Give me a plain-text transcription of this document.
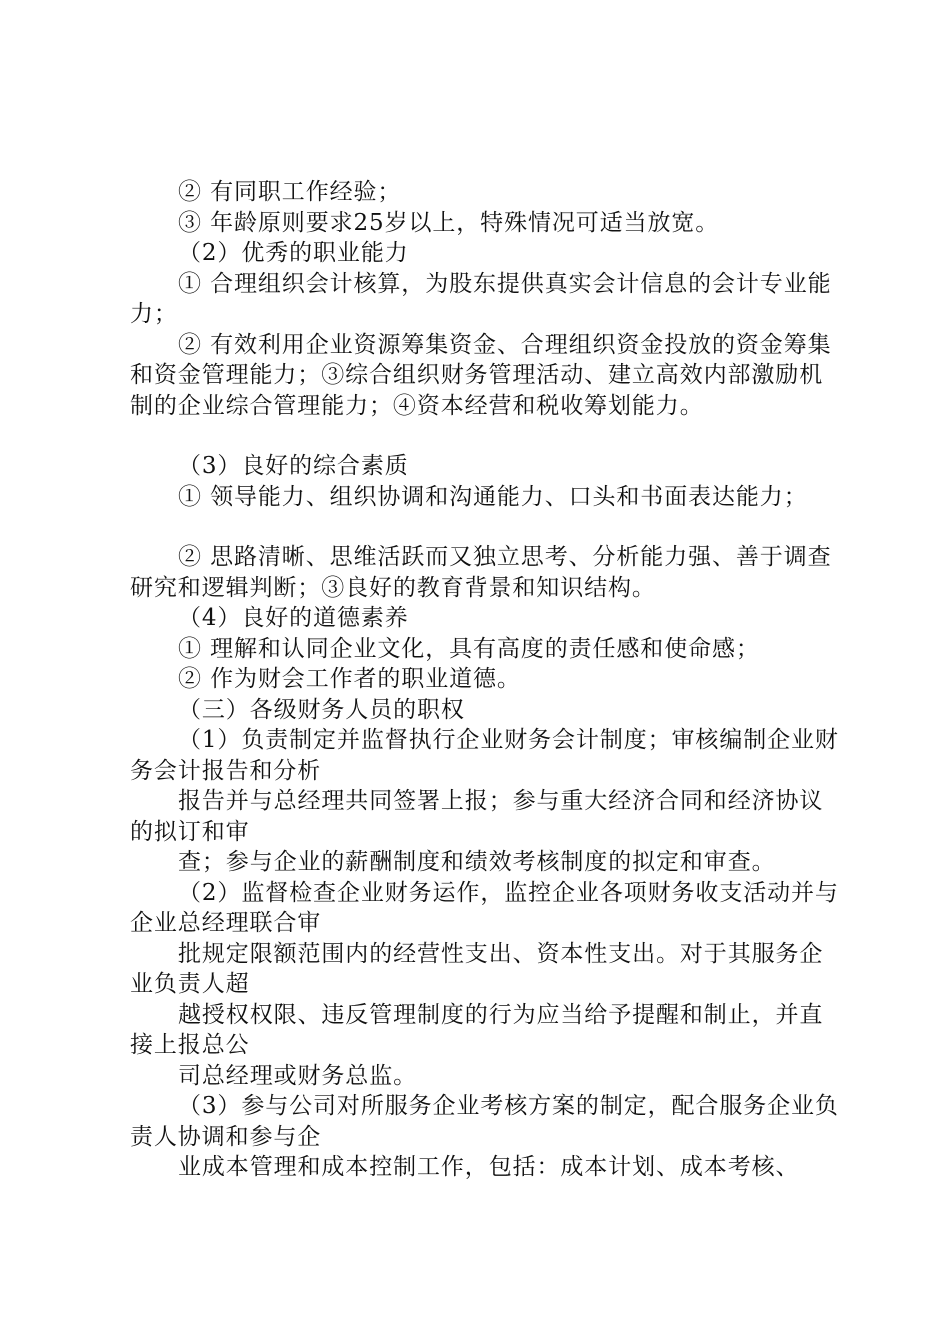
② 有同职工作经验；

③ 年龄原则要求25岁以上，特殊情况可适当放宽。

（2）优秀的职业能力

① 合理组织会计核算，为股东提供真实会计信息的会计专业能力；

② 有效利用企业资源筹集资金、合理组织资金投放的资金筹集和资金管理能力；③综合组织财务管理活动、建立高效内部激励机制的企业综合管理能力；④资本经营和税收筹划能力。

（3）良好的综合素质

① 领导能力、组织协调和沟通能力、口头和书面表达能力；

② 思路清晰、思维活跃而又独立思考、分析能力强、善于调查研究和逻辑判断；③良好的教育背景和知识结构。

（4）良好的道德素养

① 理解和认同企业文化，具有高度的责任感和使命感；

② 作为财会工作者的职业道德。

（三）各级财务人员的职权

（1）负责制定并监督执行企业财务会计制度；审核编制企业财务会计报告和分析

报告并与总经理共同签署上报；参与重大经济合同和经济协议的拟订和审

查；参与企业的薪酬制度和绩效考核制度的拟定和审查。

（2）监督检查企业财务运作，监控企业各项财务收支活动并与企业总经理联合审

批规定限额范围内的经营性支出、资本性支出。对于其服务企业负责人超

越授权权限、违反管理制度的行为应当给予提醒和制止，并直接上报总公

司总经理或财务总监。

（3）参与公司对所服务企业考核方案的制定，配合服务企业负责人协调和参与企

业成本管理和成本控制工作，包括：成本计划、成本考核、
